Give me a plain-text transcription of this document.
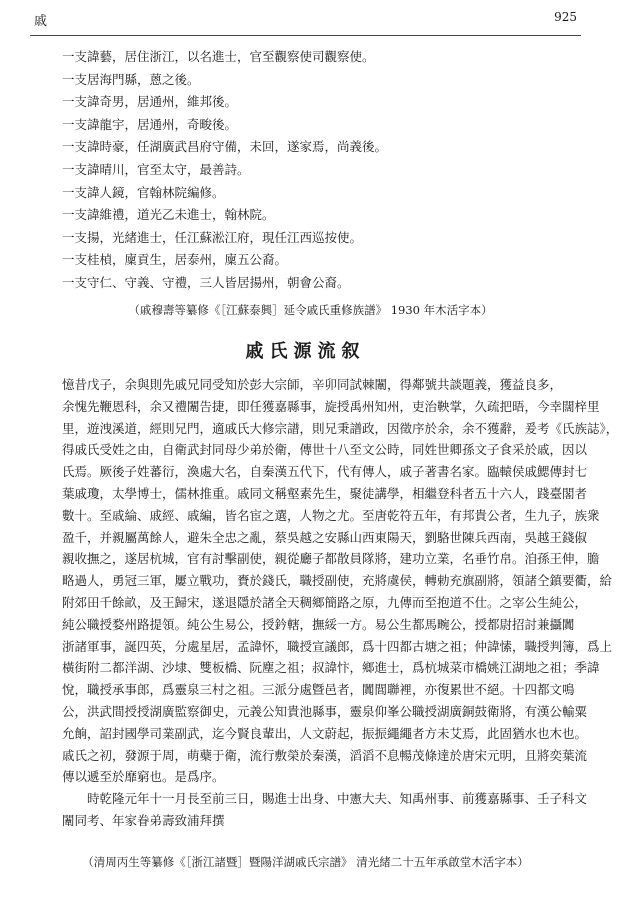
戚	925
一支諱藝，居住浙江，以名進士，官至觀察使司觀察使。
一支居海門縣，蒽之後。
一支諱奇男，居通州，維邦後。
一支諱龍宇，居通州，奇畯後。
一支諱時豪，任湖廣武昌府守備，未回，遂家焉，尚義後。
一支諱晴川，官至太守，最善詩。
一支諱人鏡，官翰林院編修。
一支諱維禮，道光乙未進士，翰林院。
一支揚，光緒進士，任江蘇淞江府，現任江西巡按使。
一支桂楨，廩貢生，居泰州，廩五公裔。
一支守仁、守義、守禮，三人皆居揚州，朝會公裔。
（戚穆壽等纂修《［江蘇泰興］延令戚氏重修族譜》 1930 年木活字本）
戚氏源流叙
憶昔戊子，余與則先戚兄同受知於彭大宗師，辛卯同試棘闈，得鄰號共談題義，獲益良多，
余愧先鞭恩科，余又禮闈告捷，即任獲嘉縣事，旋授禹州知州，吏治鞅掌，久疏把晤，今幸闊梓里
里，遊洩溪道，經則兄門，適戚氏大修宗譜，則兄秉譜政，因徵序於余，余不獲辭，爰考《氏族誌》，
得戚氏受姓之由，自衛武封同母少弟於衛，傳世十八至文公時，同姓世卿孫文子食采於戚，因以
氏焉。厥後子姓蕃衍，渙處大名，自秦漢五代下，代有傳人，戚子著書名家。臨轅侯戚鰓傳封七
葉戚瓊，太學博士，儒林推重。戚同文稱壑素先生，聚徒講學，相繼登科者五十六人，踐臺閣者
數十。至戚綸、戚經、戚編，皆名宦之選，人物之尤。至唐乾符五年，有邦貴公者，生九子，族衆
盈千，并親屬萬餘人，避朱全忠之亂，蔡吳越之安縣山西東陽天，劉駱世陳兵西南，吳越王錢俶
親收撫之，遂居杭城，官有討擊副使，親從廳子都散員隊將，建功立業，名垂竹帛。洎孫王伸，膽
略過人，勇冠三軍，屢立戰功，賚於錢氏，職授副使，充將虞侯，轉勅充旗副將，領諸仝鎮要衢，給
附郊田千餘畝，及王歸宋，遂退隱於諸全天稠鄉簡路之原，九傳而至抱道不仕。之宰公生純公，
純公職授婺州路提領。純公生易公，授鈐轄，撫綏一方。易公生都馬畹公，授都尉招討兼攝闐
浙諸軍事，誕四英，分處星居，孟諱怀，職授宣議郎，爲十四都古塘之祖；仲諱愫，職授判簿，爲上
橫街附二都洋湖、沙埭、雙板橋、阮塵之祖；叔諱忭，鄉進士，爲杭城菜市橋姚江湖地之祖；季諱
悅，職授承事郎，爲靈泉三村之祖。三派分處曁邑者，闐閭聯裡，亦復累世不絕。十四都文鳴
公，洪武間授授湖廣監察御史，元義公知貴池縣事，靈泉仰峯公職授湖廣銅鼓衛將，有漢公輸粟
允餉，詔封國學司業副武，迄今賢良輩出，人文蔚起，振振繩繩者方未艾焉，此固猶水也木也。
戚氏之初，發源于周，萌蘗于衛，流行敷榮於秦漢，滔滔不息暢茂條達於唐宋元明，且將奕葉流
傳以遞至於靡窮也。是爲序。
　　時乾隆元年十一月長至前三日，賜進士出身、中憲大夫、知禹州事、前獲嘉縣事、壬子科文
闈同考、年家眷弟壽致浦拜撰
（清周丙生等纂修《［浙江諸暨］暨陽洋湖戚氏宗譜》 清光緒二十五年承啟堂木活字本）
